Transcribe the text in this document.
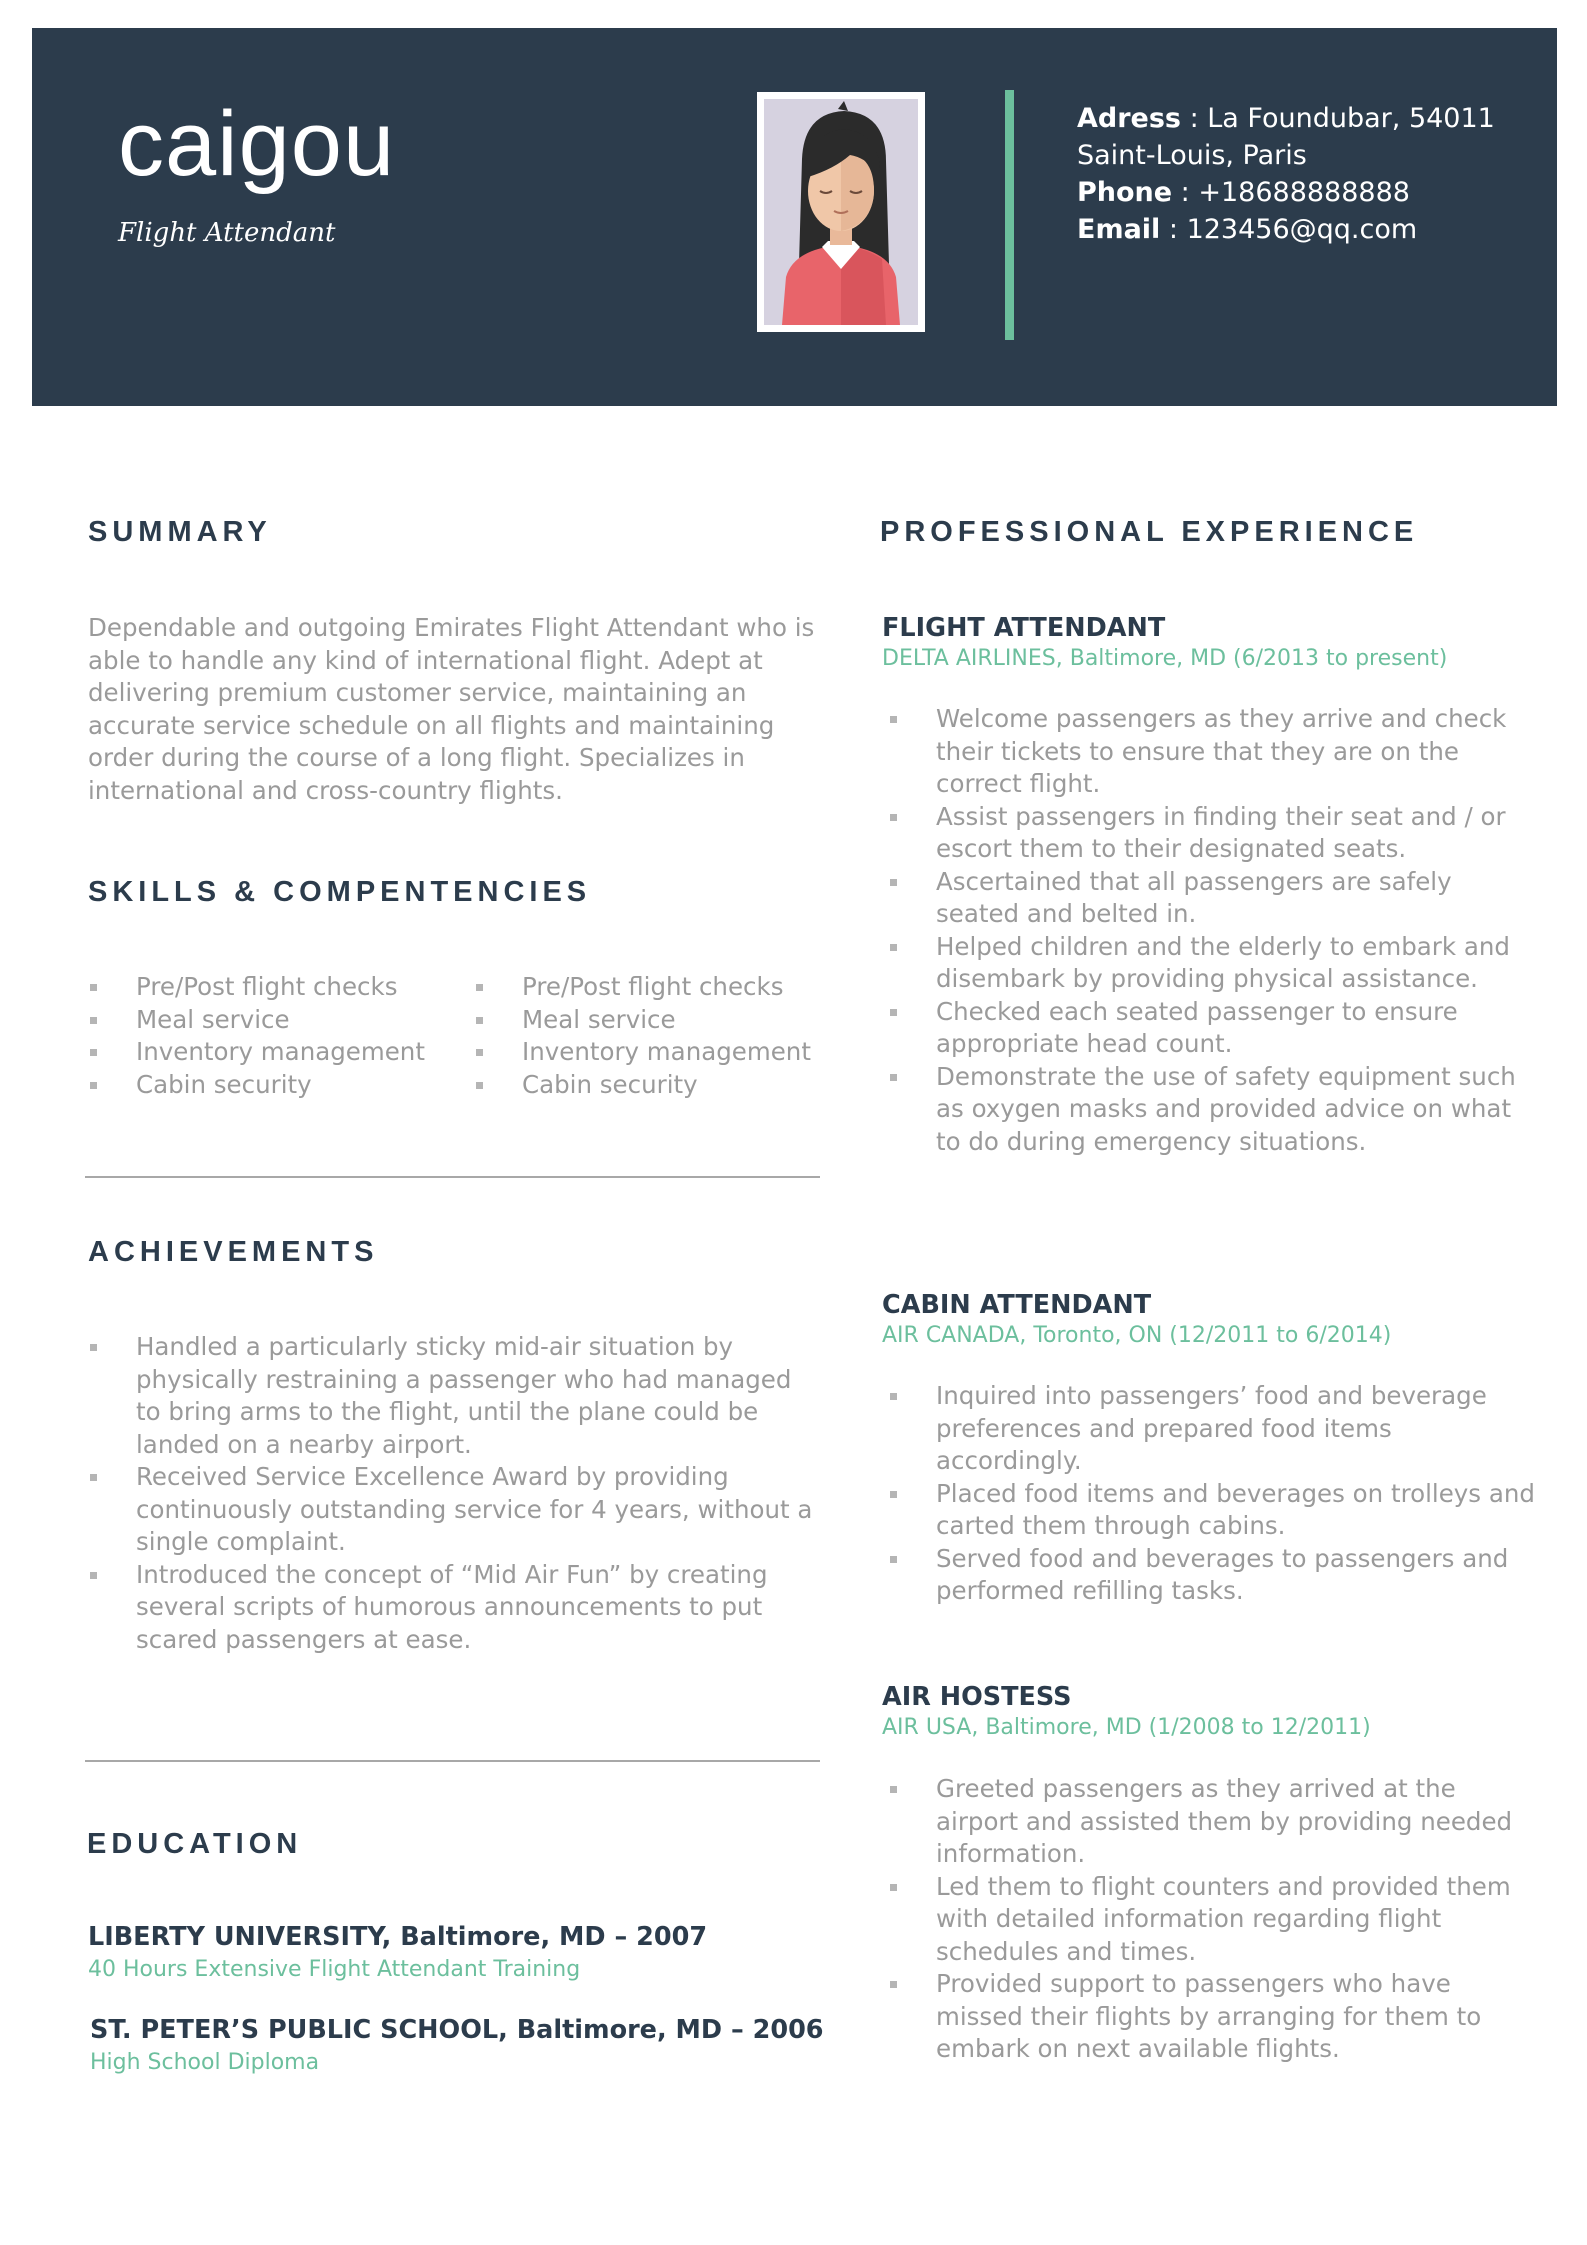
caigou
Flight Attendant
Adress : La Foundubar, 54011
Saint-Louis, Paris
Phone : +18688888888
Email : 123456@qq.com
SUMMARY
Dependable and outgoing Emirates Flight Attendant who is able to handle any kind of international flight. Adept at delivering premium customer service, maintaining an accurate service schedule on all flights and maintaining order during the course of a long flight. Specializes in international and cross-country flights.
SKILLS & COMPENTENCIES
Pre/Post flight checks
Meal service
Inventory management
Cabin security
Pre/Post flight checks
Meal service
Inventory management
Cabin security
ACHIEVEMENTS
Handled a particularly sticky mid-air situation by physically restraining a passenger who had managed to bring arms to the flight, until the plane could be landed on a nearby airport.
Received Service Excellence Award by providing continuously outstanding service for 4 years, without a single complaint.
Introduced the concept of “Mid Air Fun” by creating several scripts of humorous announcements to put scared passengers at ease.
EDUCATION
LIBERTY UNIVERSITY, Baltimore, MD – 2007
40 Hours Extensive Flight Attendant Training
ST. PETER’S PUBLIC SCHOOL, Baltimore, MD – 2006
High School Diploma
PROFESSIONAL EXPERIENCE
FLIGHT ATTENDANT
DELTA AIRLINES, Baltimore, MD (6/2013 to present)
Welcome passengers as they arrive and check their tickets to ensure that they are on the correct flight.
Assist passengers in finding their seat and / or escort them to their designated seats.
Ascertained that all passengers are safely seated and belted in.
Helped children and the elderly to embark and disembark by providing physical assistance.
Checked each seated passenger to ensure appropriate head count.
Demonstrate the use of safety equipment such as oxygen masks and provided advice on what to do during emergency situations.
CABIN ATTENDANT
AIR CANADA, Toronto, ON (12/2011 to 6/2014)
Inquired into passengers’ food and beverage preferences and prepared food items accordingly.
Placed food items and beverages on trolleys and carted them through cabins.
Served food and beverages to passengers and performed refilling tasks.
AIR HOSTESS
AIR USA, Baltimore, MD (1/2008 to 12/2011)
Greeted passengers as they arrived at the airport and assisted them by providing needed information.
Led them to flight counters and provided them with detailed information regarding flight schedules and times.
Provided support to passengers who have missed their flights by arranging for them to embark on next available flights.
